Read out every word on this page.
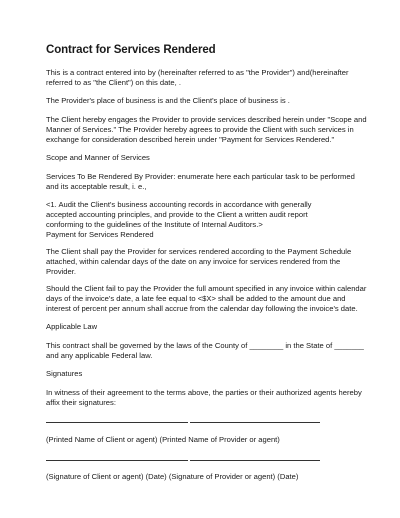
Contract for Services Rendered
This is a contract entered into by (hereinafter referred to as "the Provider") and(hereinafter
referred to as "the Client") on this date, .
The Provider's place of business is and the Client's place of business is .
The Client hereby engages the Provider to provide services described herein under "Scope and
Manner of Services." The Provider hereby agrees to provide the Client with such services in
exchange for consideration described herein under "Payment for Services Rendered."
Scope and Manner of Services
Services To Be Rendered By Provider: enumerate here each particular task to be performed
and its acceptable result, i. e.,
<1. Audit the Client's business accounting records in accordance with generally
accepted accounting principles, and provide to the Client a written audit report
conforming to the guidelines of the Institute of Internal Auditors.>
Payment for Services Rendered
The Client shall pay the Provider for services rendered according to the Payment Schedule
attached, within calendar days of the date on any invoice for services rendered from the
Provider.
Should the Client fail to pay the Provider the full amount specified in any invoice within calendar
days of the invoice's date, a late fee equal to <$X> shall be added to the amount due and
interest of percent per annum shall accrue from the calendar day following the invoice's date.
Applicable Law
This contract shall be governed by the laws of the County of ________ in the State of _______
and any applicable Federal law.
Signatures
In witness of their agreement to the terms above, the parties or their authorized agents hereby
affix their signatures:
(Printed Name of Client or agent) (Printed Name of Provider or agent)
(Signature of Client or agent) (Date) (Signature of Provider or agent) (Date)
